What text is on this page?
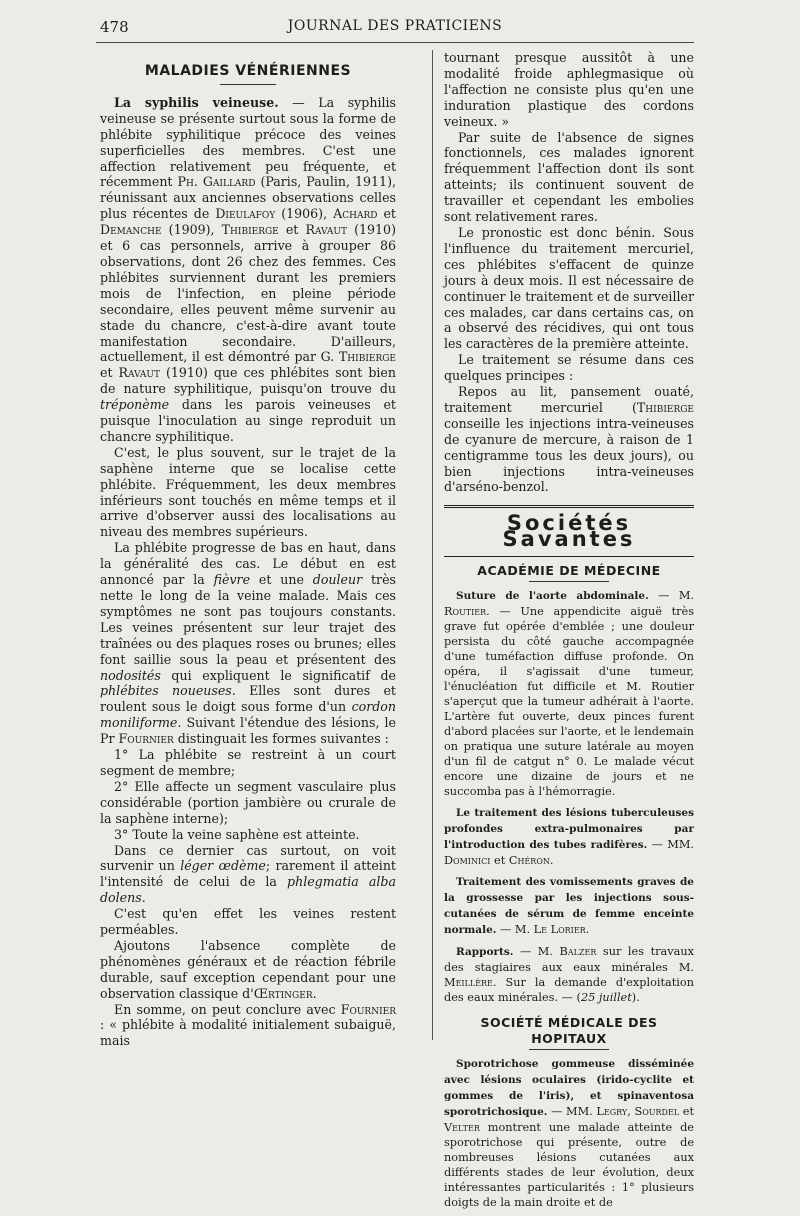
478	JOURNAL DES PRATICIENS
MALADIES VÉNÉRIENNES

La syphilis veineuse. — La syphilis veineuse se présente surtout sous la forme de phlébite syphilitique précoce des veines superficielles des membres. C'est une affection relativement peu fréquente, et récemment Ph. Gaillard (Paris, Paulin, 1911), réunissant aux anciennes observations celles plus récentes de Dieulafoy (1906), Achard et Demanche (1909), Thibierge et Ravaut (1910) et 6 cas personnels, arrive à grouper 86 observations, dont 26 chez des femmes. Ces phlébites surviennent durant les premiers mois de l'infection, en pleine période secondaire, elles peuvent même survenir au stade du chancre, c'est-à-dire avant toute manifestation secondaire. D'ailleurs, actuellement, il est démontré par G. Thibierge et Ravaut (1910) que ces phlébites sont bien de nature syphilitique, puisqu'on trouve du tréponème dans les parois veineuses et puisque l'inoculation au singe reproduit un chancre syphilitique.

C'est, le plus souvent, sur le trajet de la saphène interne que se localise cette phlébite. Fréquemment, les deux membres inférieurs sont touchés en même temps et il arrive d'observer aussi des localisations au niveau des membres supérieurs.

La phlébite progresse de bas en haut, dans la généralité des cas. Le début en est annoncé par la fièvre et une douleur très nette le long de la veine malade. Mais ces symptômes ne sont pas toujours constants. Les veines présentent sur leur trajet des traînées ou des plaques roses ou brunes; elles font saillie sous la peau et présentent des nodosités qui expliquent le significatif de phlébites noueuses. Elles sont dures et roulent sous le doigt sous forme d'un cordon moniliforme. Suivant l'étendue des lésions, le Pr Fournier distinguait les formes suivantes :

1° La phlébite se restreint à un court segment de membre;

2° Elle affecte un segment vasculaire plus considérable (portion jambière ou crurale de la saphène interne);

3° Toute la veine saphène est atteinte.

Dans ce dernier cas surtout, on voit survenir un léger œdème; rarement il atteint l'intensité de celui de la phlegmatia alba dolens.

C'est qu'en effet les veines restent perméables.

Ajoutons l'absence complète de phénomènes généraux et de réaction fébrile durable, sauf exception cependant pour une observation classique d'Œrtinger.

En somme, on peut conclure avec Fournier : « phlébite à modalité initialement subaiguë, mais

tournant presque aussitôt à une modalité froide aphlegmasique où l'affection ne consiste plus qu'en une induration plastique des cordons veineux. »

Par suite de l'absence de signes fonctionnels, ces malades ignorent fréquemment l'affection dont ils sont atteints; ils continuent souvent de travailler et cependant les embolies sont relativement rares.

Le pronostic est donc bénin. Sous l'influence du traitement mercuriel, ces phlébites s'effacent de quinze jours à deux mois. Il est nécessaire de continuer le traitement et de surveiller ces malades, car dans certains cas, on a observé des récidives, qui ont tous les caractères de la première atteinte.

Le traitement se résume dans ces quelques principes :

Repos au lit, pansement ouaté, traitement mercuriel (Thibierge conseille les injections intra-veineuses de cyanure de mercure, à raison de 1 centigramme tous les deux jours), ou bien injections intra-veineuses d'arséno-benzol.

Sociétés Savantes
ACADÉMIE DE MÉDECINE

Suture de l'aorte abdominale. — M. Routier. — Une appendicite aiguë très grave fut opérée d'emblée ; une douleur persista du côté gauche accompagnée d'une tuméfaction diffuse profonde. On opéra, il s'agissait d'une tumeur, l'énucléation fut difficile et M. Routier s'aperçut que la tumeur adhérait à l'aorte. L'artère fut ouverte, deux pinces furent d'abord placées sur l'aorte, et le lendemain on pratiqua une suture latérale au moyen d'un fil de catgut n° 0. Le malade vécut encore une dizaine de jours et ne succomba pas à l'hémorragie.

Le traitement des lésions tuberculeuses profondes extra-pulmonaires par l'introduction des tubes radifères. — MM. Dominici et Chéron.

Traitement des vomissements graves de la grossesse par les injections sous-cutanées de sérum de femme enceinte normale. — M. Le Lorier.

Rapports. — M. Balzer sur les travaux des stagiaires aux eaux minérales M. Meillère. Sur la demande d'exploitation des eaux minérales. — (25 juillet).

SOCIÉTÉ MÉDICALE DES HOPITAUX

Sporotrichose gommeuse disséminée avec lésions oculaires (irido-cyclite et gommes de l'iris), et spinaventosa sporotrichosique. — MM. Legry, Sourdel et Velter montrent une malade atteinte de sporotrichose qui présente, outre de nombreuses lésions cutanées aux différents stades de leur évolution, deux intéressantes particularités : 1° plusieurs doigts de la main droite et de
